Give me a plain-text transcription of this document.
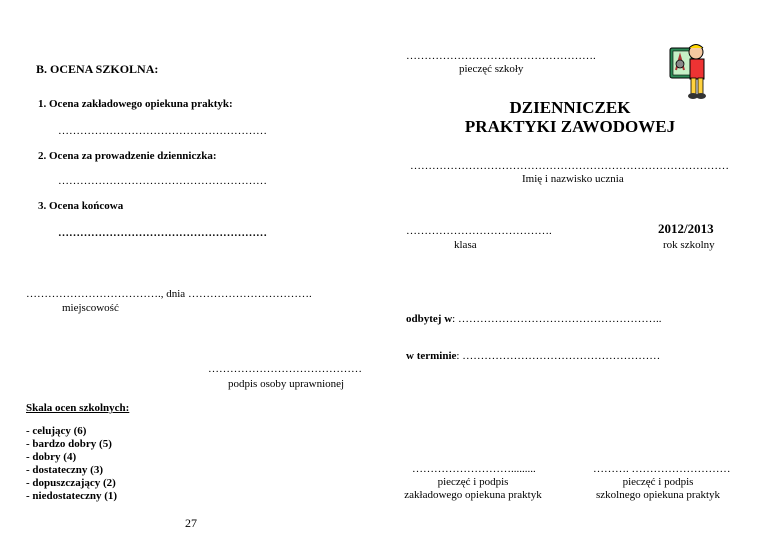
B. OCENA SZKOLNA:
1. Ocena zakładowego opiekuna praktyk:
…………………………………………………
2. Ocena za prowadzenie dzienniczka:
…………………………………………………
3. Ocena końcowa
…………………………………………………
………………………………., dnia …………………………….
miejscowość
……………………………………
podpis osoby uprawnionej
Skala ocen szkolnych:
- celujący (6)
- bardzo dobry (5)
- dobry (4)
- dostateczny (3)
- dopuszczający (2)
- niedostateczny (1)
27
…………………………………………….
pieczęć szkoły
DZIENNICZEK
PRAKTYKI ZAWODOWEJ
……………………………………………………………………………
Imię i nazwisko ucznia
………………………………….
klasa
2012/2013
rok szkolny
odbytej w: ………………………………………………..
w terminie: ………………………………………………
……………………….........
pieczęć i podpis
zakładowego opiekuna praktyk
………. ………………………
pieczęć i podpis
szkolnego opiekuna praktyk
